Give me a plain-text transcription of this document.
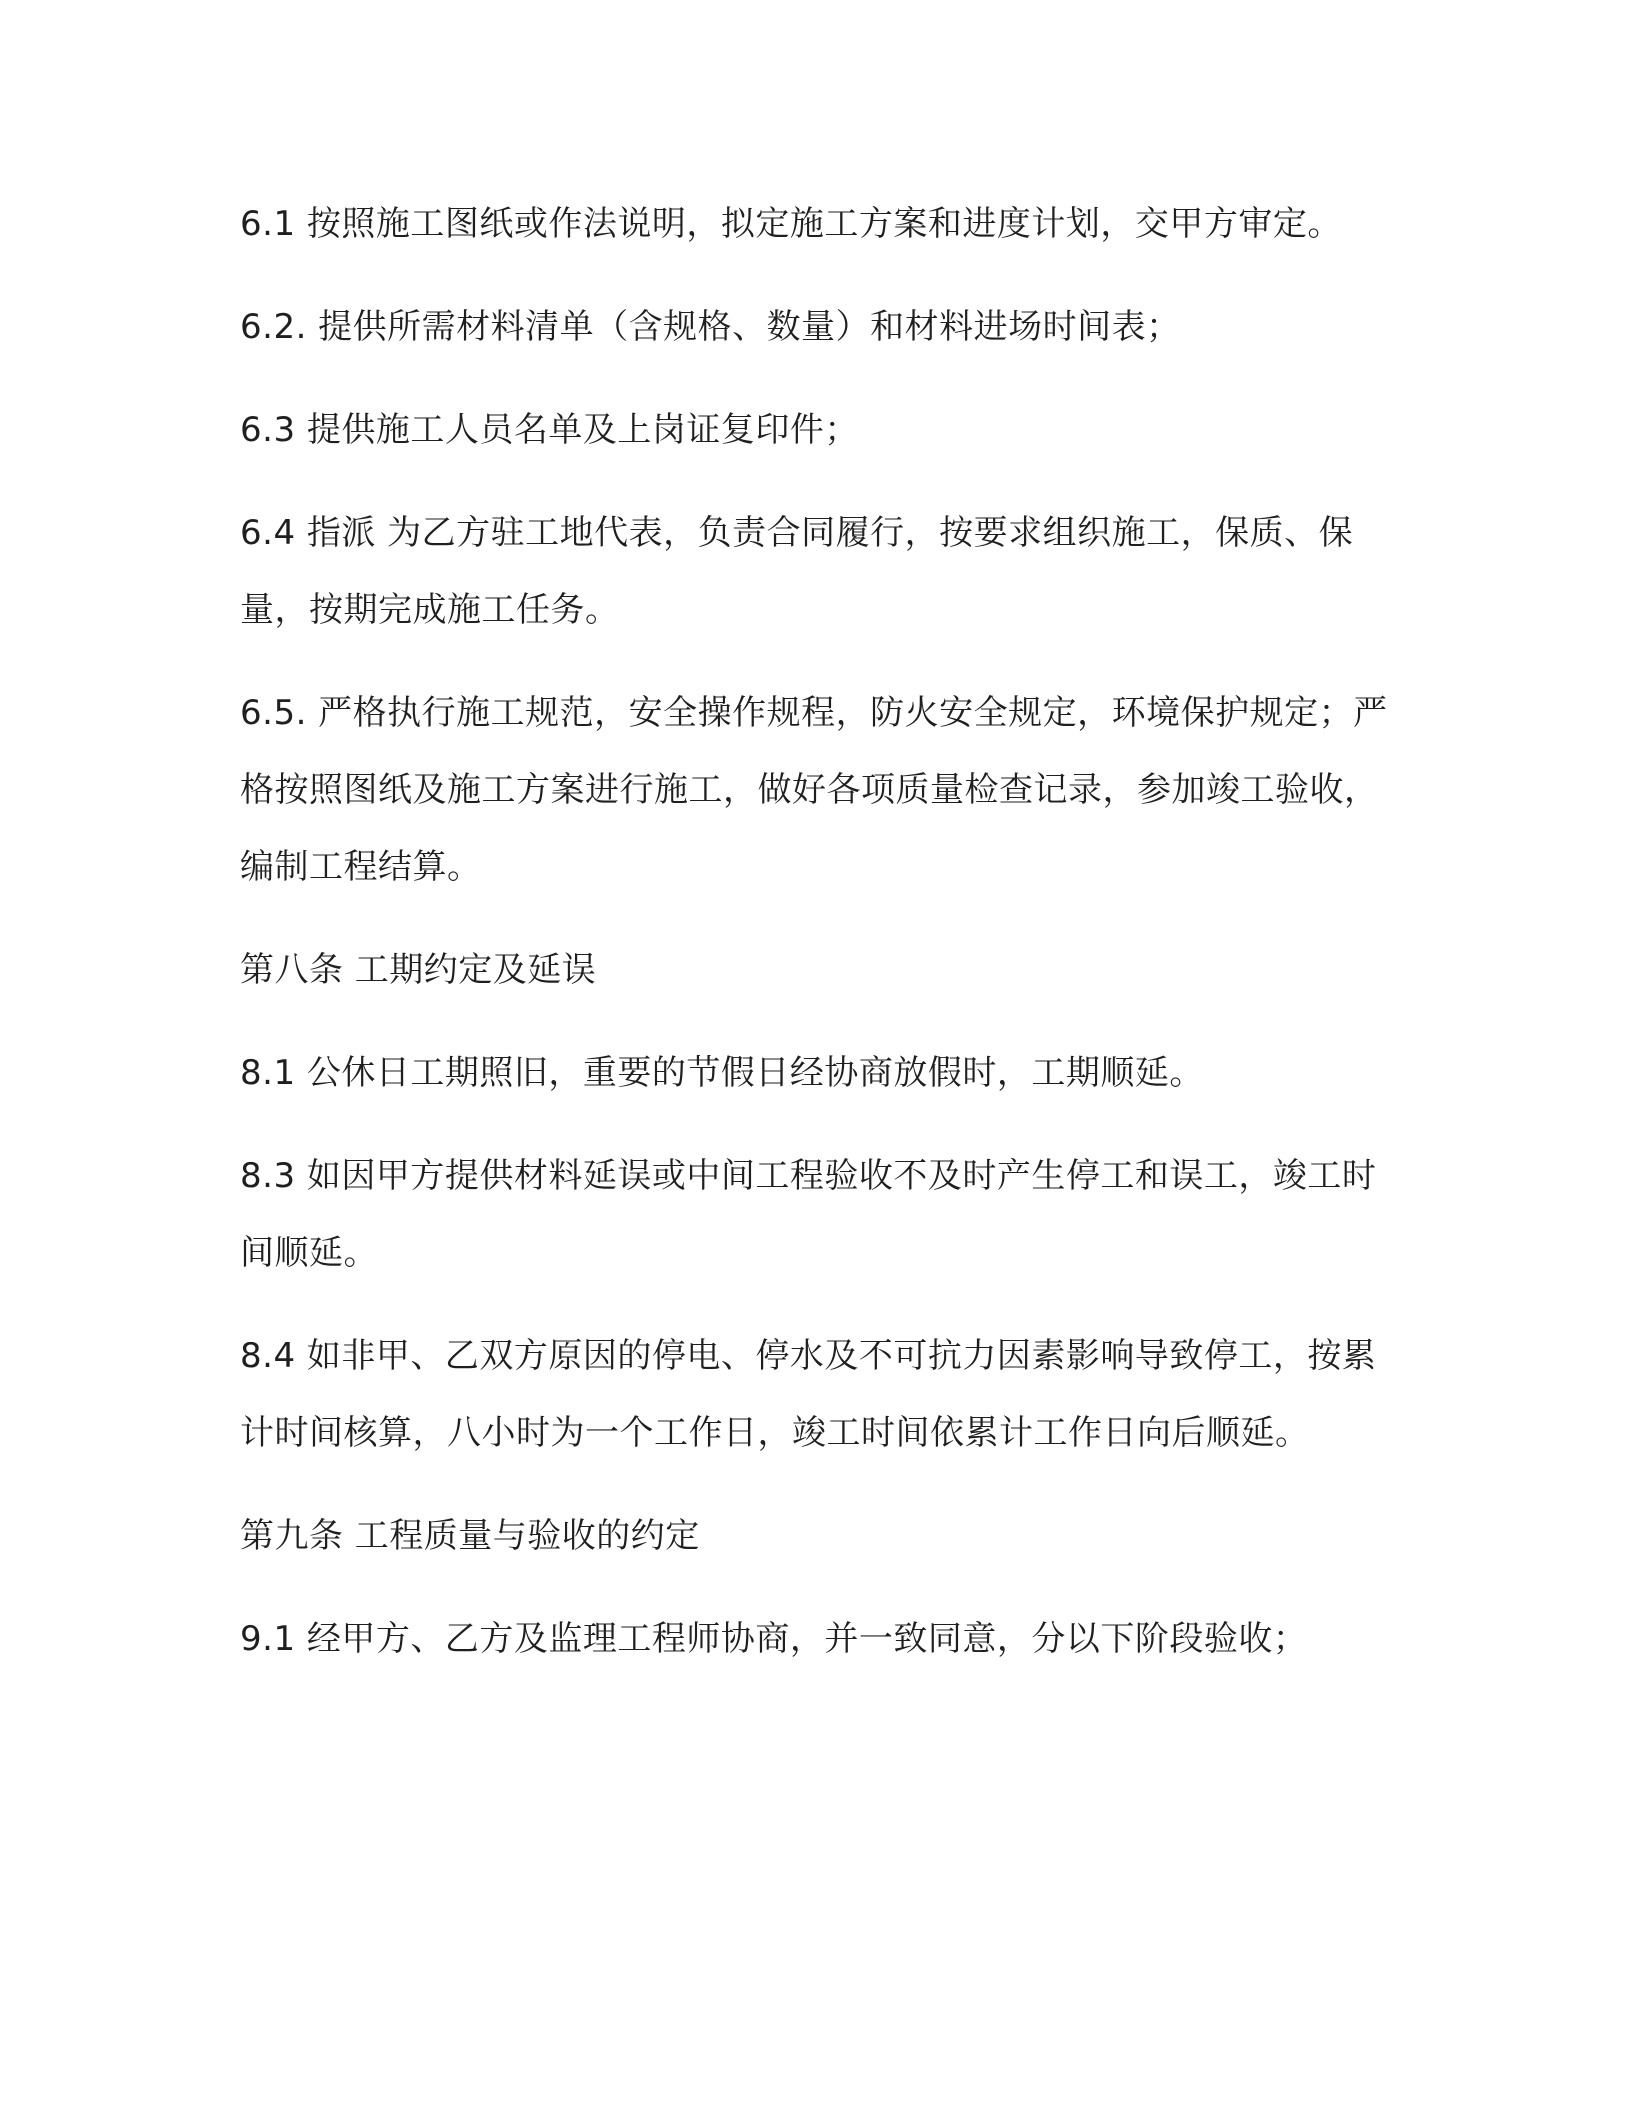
6.1 按照施工图纸或作法说明，拟定施工方案和进度计划，交甲方审定。

6.2. 提供所需材料清单（含规格、数量）和材料进场时间表；

6.3 提供施工人员名单及上岗证复印件；

6.4 指派 为乙方驻工地代表，负责合同履行，按要求组织施工，保质、保量，按期完成施工任务。

6.5. 严格执行施工规范，安全操作规程，防火安全规定，环境保护规定；严格按照图纸及施工方案进行施工，做好各项质量检查记录，参加竣工验收，编制工程结算。

第八条 工期约定及延误

8.1 公休日工期照旧，重要的节假日经协商放假时，工期顺延。

8.3 如因甲方提供材料延误或中间工程验收不及时产生停工和误工，竣工时间顺延。

8.4 如非甲、乙双方原因的停电、停水及不可抗力因素影响导致停工，按累计时间核算，八小时为一个工作日，竣工时间依累计工作日向后顺延。

第九条 工程质量与验收的约定

9.1 经甲方、乙方及监理工程师协商，并一致同意，分以下阶段验收；
